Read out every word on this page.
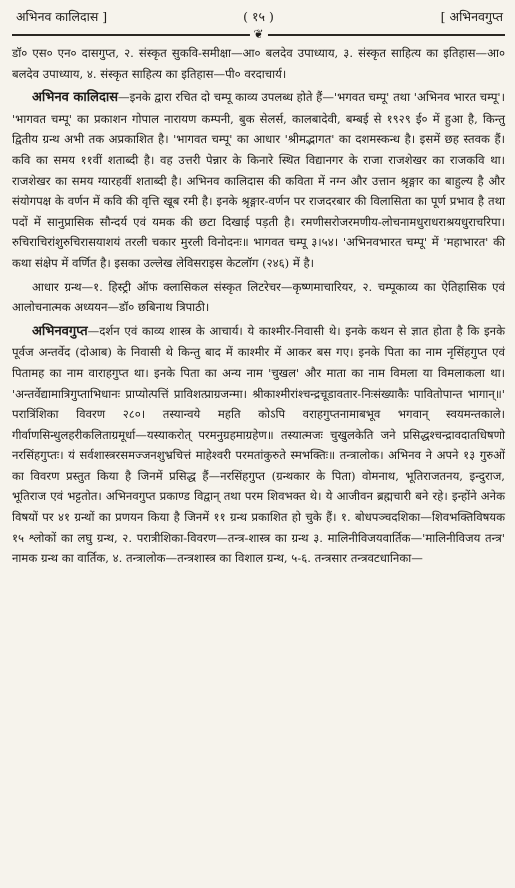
अभिनव कालिदास ]	( १५ )	[ अभिनवगुप्त
❦

डॉ० एस० एन० दासगुप्त, २. संस्कृत सुकवि-समीक्षा—आ० बलदेव उपाध्याय, ३. संस्कृत साहित्य का इतिहास—आ० बलदेव उपाध्याय, ४. संस्कृत साहित्य का इतिहास—पी० वरदाचार्य।

अभिनव कालिदास—इनके द्वारा रचित दो चम्पू काव्य उपलब्ध होते हैं—'भगवत चम्पू' तथा 'अभिनव भारत चम्पू'। 'भागवत चम्पू' का प्रकाशन गोपाल नारायण कम्पनी, बुक सेलर्स, कालबादेवी, बम्बई से १९२९ ई० में हुआ है, किन्तु द्वितीय ग्रन्थ अभी तक अप्रकाशित है। 'भागवत चम्पू' का आधार 'श्रीमद्भागत' का दशमस्कन्ध है। इसमें छह स्तवक हैं। कवि का समय ११वीं शताब्दी है। वह उत्तरी पेन्नार के किनारे स्थित विद्यानगर के राजा राजशेखर का राजकवि था। राजशेखर का समय ग्यारहवीं शताब्दी है। अभिनव कालिदास की कविता में नग्न और उत्तान श्रृङ्गार का बाहुल्य है और संयोगपक्ष के वर्णन में कवि की वृत्ति खूब रमी है। इनके श्रृङ्गार-वर्णन पर राजदरबार की विलासिता का पूर्ण प्रभाव है तथा पदों में सानुप्रासिक सौन्दर्य एवं यमक की छटा दिखाई पड़ती है। रमणीसरोजरमणीय-लोचनामधुराधराश्रयधुराचरिपा। रुचिराचिरांशुरुचिरासयाशयं तरली चकार मुरली विनोदनः॥ भागवत चम्पू ३।५४। 'अभिनवभारत चम्पू' में 'महाभारत' की कथा संक्षेप में वर्णित है। इसका उल्लेख लेविसराइस केटलॉग (२४६) में है।

आधार ग्रन्थ—१. हिस्ट्री ऑफ क्लासिकल संस्कृत लिटरेचर—कृष्णमाचारियर, २. चम्पूकाव्य का ऐतिहासिक एवं आलोचनात्मक अध्ययन—डॉ० छबिनाथ त्रिपाठी।

अभिनवगुप्त—दर्शन एवं काव्य शास्त्र के आचार्य। ये काश्मीर-निवासी थे। इनके कथन से ज्ञात होता है कि इनके पूर्वज अन्तर्वेद (दोआब) के निवासी थे किन्तु बाद में काश्मीर में आकर बस गए। इनके पिता का नाम नृसिंहगुप्त एवं पितामह का नाम वाराहगुप्त था। इनके पिता का अन्य नाम 'चुखल' और माता का नाम विमला या विमलाकला था। 'अन्तर्वेद्यामात्रिगुप्ताभिधानः प्राप्योत्पत्तिं प्राविशत्प्राग्रजन्मा। श्रीकाश्मीरांश्चन्द्रचूडावतार-निःसंख्याकैः पावितोपान्त भागान्॥' परात्रिंशिका विवरण २८०। तस्यान्वये महति कोऽपि वराहगुप्तनामाबभूव भगवान् स्वयमन्तकाले। गीर्वाणसिन्धुलहरीकलिताग्रमूर्धा—यस्याकरोत् परमनुग्रहमाग्रहेण॥ तस्यात्मजः चुखुलकेति जने प्रसिद्धश्चन्द्रावदातधिषणो नरसिंहगुप्तः। यं सर्वशास्त्ररसमज्जनशुभ्रचित्तं माहेश्वरी परमतांकुरुते स्मभक्तिः॥ तन्त्रालोक। अभिनव ने अपने १३ गुरुओं का विवरण प्रस्तुत किया है जिनमें प्रसिद्ध हैं—नरसिंहगुप्त (ग्रन्थकार के पिता) वोमनाथ, भूतिराजतनय, इन्दुराज, भूतिराज एवं भट्टतोत। अभिनवगुप्त प्रकाण्ड विद्वान् तथा परम शिवभक्त थे। ये आजीवन ब्रह्मचारी बने रहे। इन्होंने अनेक विषयों पर ४१ ग्रन्थों का प्रणयन किया है जिनमें ११ ग्रन्थ प्रकाशित हो चुके हैं। १. बोधपञ्चदशिका—शिवभक्तिविषयक १५ श्लोकों का लघु ग्रन्थ, २. परात्रीशिका-विवरण—तन्त्र-शास्त्र का ग्रन्थ ३. मालिनीविजयवार्तिक—'मालिनीविजय तन्त्र' नामक ग्रन्थ का वार्तिक, ४. तन्त्रालोक—तन्त्रशास्त्र का विशाल ग्रन्थ, ५-६. तन्त्रसार तन्त्रवटधानिका—
